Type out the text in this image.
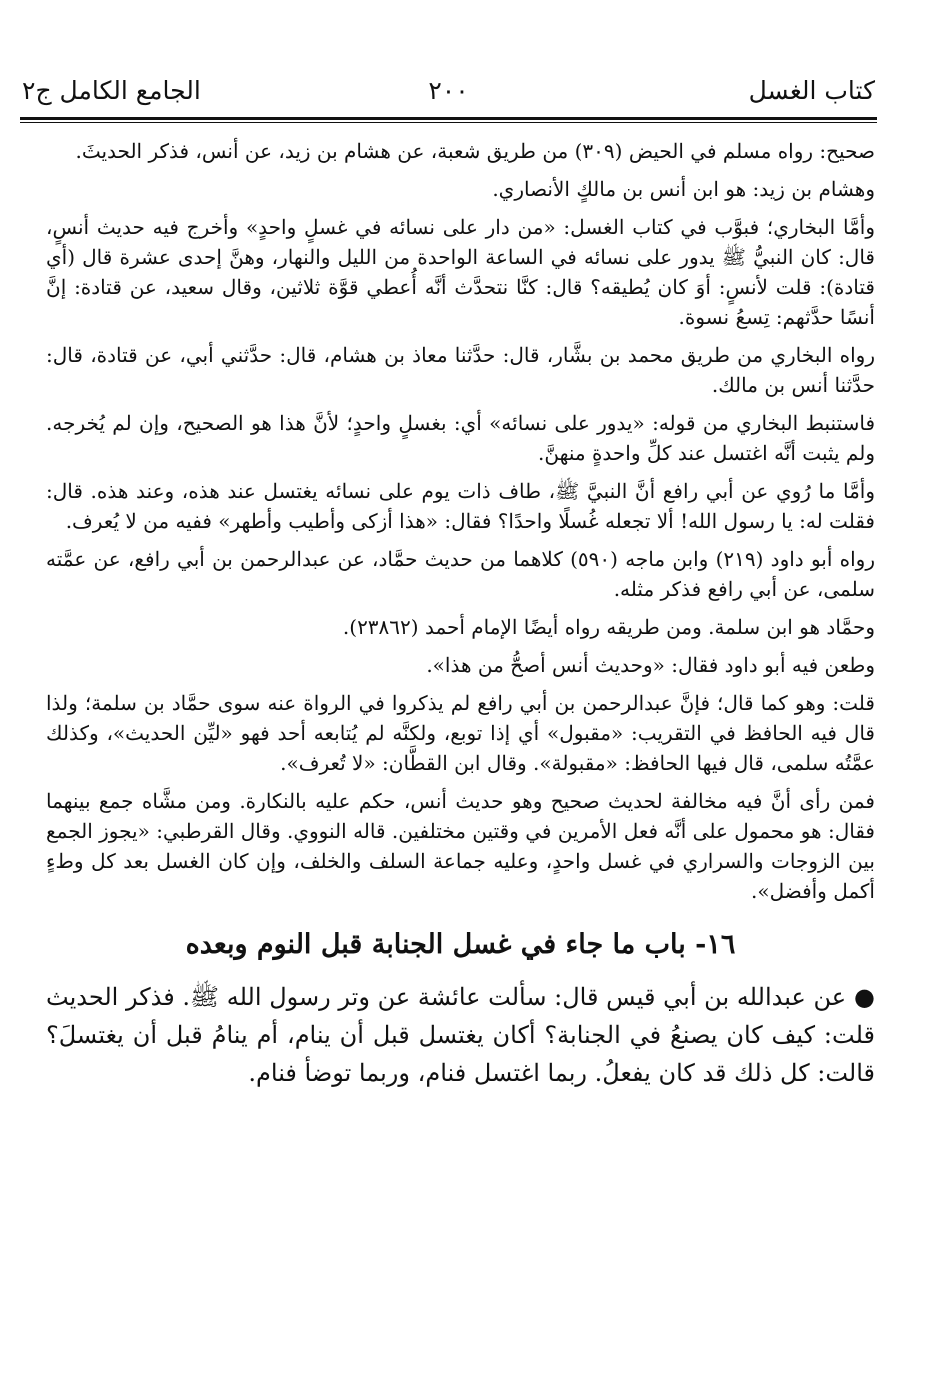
كتاب الغسل
٢٠٠
الجامع الكامل ج٢

صحيح: رواه مسلم في الحيض (٣٠٩) من طريق شعبة، عن هشام بن زيد، عن أنس، فذكر الحديثَ.

وهشام بن زيد: هو ابن أنس بن مالكٍ الأنصاري.

وأمَّا البخاري؛ فبوَّب في كتاب الغسل: «من دار على نسائه في غسلٍ واحدٍ» وأخرج فيه حديث أنسٍ، قال: كان النبيُّ ﷺ يدور على نسائه في الساعة الواحدة من الليل والنهار، وهنَّ إحدى عشرة قال (أي قتادة): قلت لأنسٍ: أوَ كان يُطيقه؟ قال: كنَّا نتحدَّث أنَّه أُعطي قوَّة ثلاثين، وقال سعيد، عن قتادة: إنَّ أنسًا حدَّثهم: تِسعُ نسوة.

رواه البخاري من طريق محمد بن بشَّار، قال: حدَّثنا معاذ بن هشام، قال: حدَّثني أبي، عن قتادة، قال: حدَّثنا أنس بن مالك.

فاستنبط البخاري من قوله: «يدور على نسائه» أي: بغسلٍ واحدٍ؛ لأنَّ هذا هو الصحيح، وإن لم يُخرجه. ولم يثبت أنَّه اغتسل عند كلِّ واحدةٍ منهنَّ.

وأمَّا ما رُوي عن أبي رافع أنَّ النبيَّ ﷺ، طاف ذات يوم على نسائه يغتسل عند هذه، وعند هذه. قال: فقلت له: يا رسول الله! ألا تجعله غُسلًا واحدًا؟ فقال: «هذا أزكى وأطيب وأطهر» ففيه من لا يُعرف.

رواه أبو داود (٢١٩) وابن ماجه (٥٩٠) كلاهما من حديث حمَّاد، عن عبدالرحمن بن أبي رافع، عن عمَّته سلمى، عن أبي رافع فذكر مثله.

وحمَّاد هو ابن سلمة. ومن طريقه رواه أيضًا الإمام أحمد (٢٣٨٦٢).

وطعن فيه أبو داود فقال: «وحديث أنس أصحُّ من هذا».

قلت: وهو كما قال؛ فإنَّ عبدالرحمن بن أبي رافع لم يذكروا في الرواة عنه سوى حمَّاد بن سلمة؛ ولذا قال فيه الحافظ في التقريب: «مقبول» أي إذا توبع، ولكنَّه لم يُتابعه أحد فهو «ليِّن الحديث»، وكذلك عمَّتُه سلمى، قال فيها الحافظ: «مقبولة». وقال ابن القطَّان: «لا تُعرف».

فمن رأى أنَّ فيه مخالفة لحديث صحيح وهو حديث أنس، حكم عليه بالنكارة. ومن مشَّاه جمع بينهما فقال: هو محمول على أنَّه فعل الأمرين في وقتين مختلفين. قاله النووي. وقال القرطبي: «يجوز الجمع بين الزوجات والسراري في غسل واحدٍ، وعليه جماعة السلف والخلف، وإن كان الغسل بعد كل وطءٍ أكمل وأفضل».

١٦- باب ما جاء في غسل الجنابة قبل النوم وبعده

●عن عبدالله بن أبي قيس قال: سألت عائشة عن وتر رسول الله ﷺ. فذكر الحديث قلت: كيف كان يصنعُ في الجنابة؟ أكان يغتسل قبل أن ينام، أم ينامُ قبل أن يغتسلَ؟ قالت: كل ذلك قد كان يفعلُ. ربما اغتسل فنام، وربما توضأ فنام.
